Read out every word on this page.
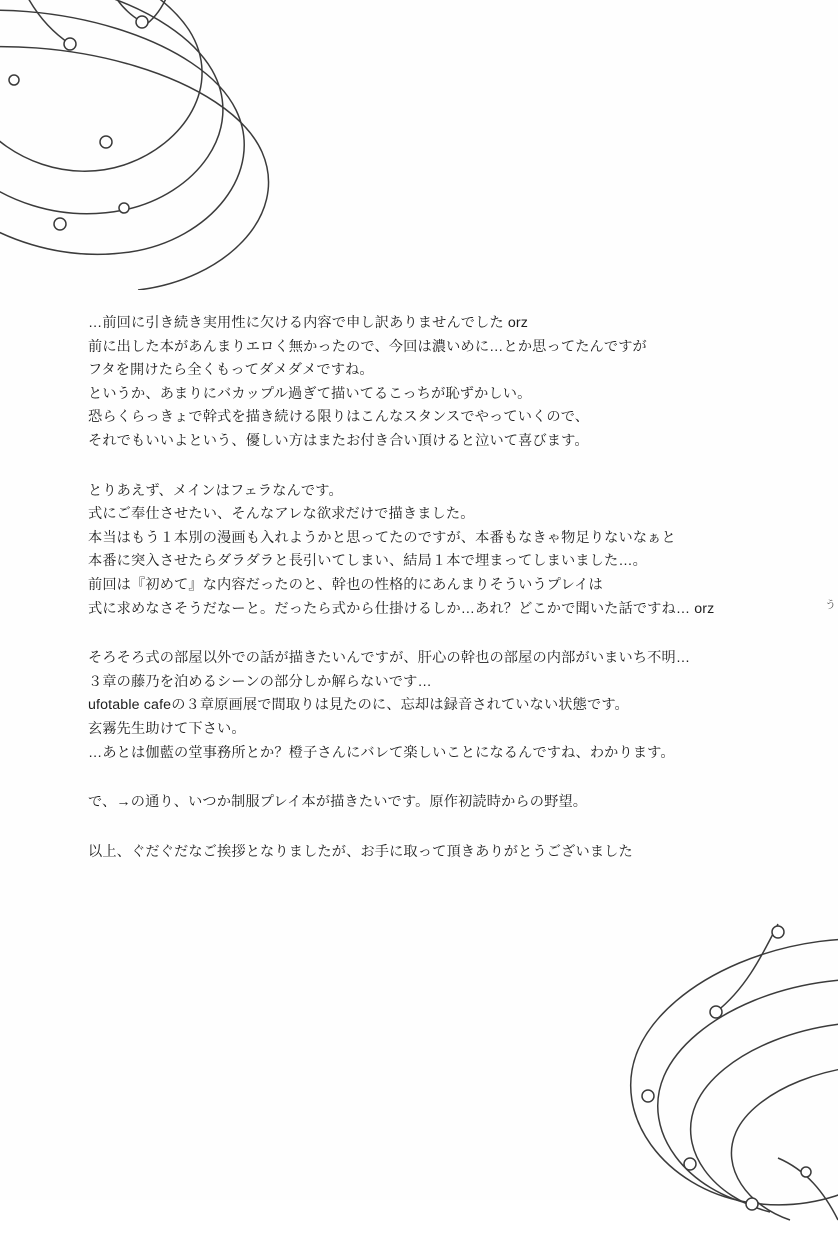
う
…前回に引き続き実用性に欠ける内容で申し訳ありませんでした orz
前に出した本があんまりエロく無かったので、今回は濃いめに…とか思ってたんですが
フタを開けたら全くもってダメダメですね。
というか、あまりにバカップル過ぎて描いてるこっちが恥ずかしい。
恐らくらっきょで幹式を描き続ける限りはこんなスタンスでやっていくので、
それでもいいよという、優しい方はまたお付き合い頂けると泣いて喜びます。
とりあえず、メインはフェラなんです。
式にご奉仕させたい、そんなアレな欲求だけで描きました。
本当はもう１本別の漫画も入れようかと思ってたのですが、本番もなきゃ物足りないなぁと
本番に突入させたらダラダラと長引いてしまい、結局１本で埋まってしまいました…。
前回は『初めて』な内容だったのと、幹也の性格的にあんまりそういうプレイは
式に求めなさそうだなーと。だったら式から仕掛けるしか…あれ？どこかで聞いた話ですね… orz
そろそろ式の部屋以外での話が描きたいんですが、肝心の幹也の部屋の内部がいまいち不明…
３章の藤乃を泊めるシーンの部分しか解らないです…
ufotable cafeの３章原画展で間取りは見たのに、忘却は録音されていない状態です。
玄霧先生助けて下さい。
…あとは伽藍の堂事務所とか？橙子さんにバレて楽しいことになるんですね、わかります。
で、→の通り、いつか制服プレイ本が描きたいです。原作初読時からの野望。
以上、ぐだぐだなご挨拶となりましたが、お手に取って頂きありがとうございました
